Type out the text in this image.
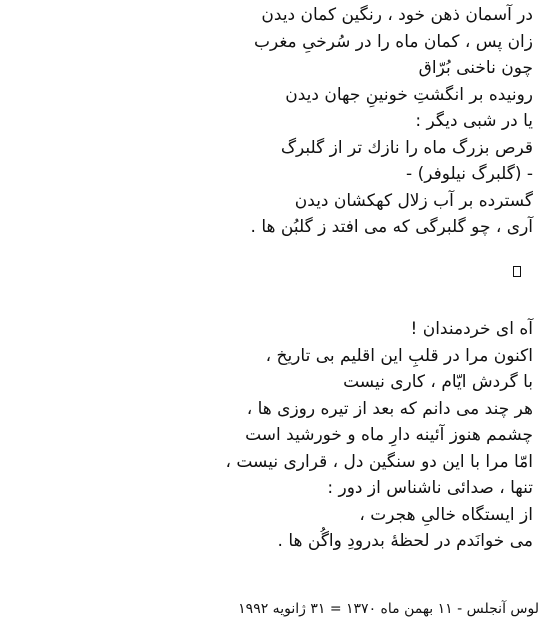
در آسمان ذهن خود ، رنگین کمان دیدن
زان پس ، کمان ماه را در سُرخیِ مغرب
چون ناخنی بُرّاق
رونیده بر انگشتِ خونینِ جهان دیدن
یا در شبی دیگر :
قرص بزرگ ماه را نازك تر از گلبرگ
- (گلبرگ نیلوفر) -
گسترده بر آب زلال کهکشان دیدن
آری ، چو گلبرگی که می افتد ز گلبُن ها .
آه ای خردمندان !
اکنون مرا در قلبِ این اقلیم بی تاریخ ،
با گردش ایّام ، کاری نیست
هر چند می دانم که بعد از تیره روزی ها ،
چشمم هنوز آئینه دارِ ماه و خورشید است
امّا مرا با این دو سنگین دل ، قراری نیست ،
تنها ، صدائی ناشناس از دور :
از ایستگاه خالیِ هجرت ،
می خوانَدم در لحظهٔ بدرودِ واگُن ها .
لوس آنجلس - ۱۱ بهمن ماه ۱۳۷۰ = ۳۱ ژانویه ۱۹۹۲
